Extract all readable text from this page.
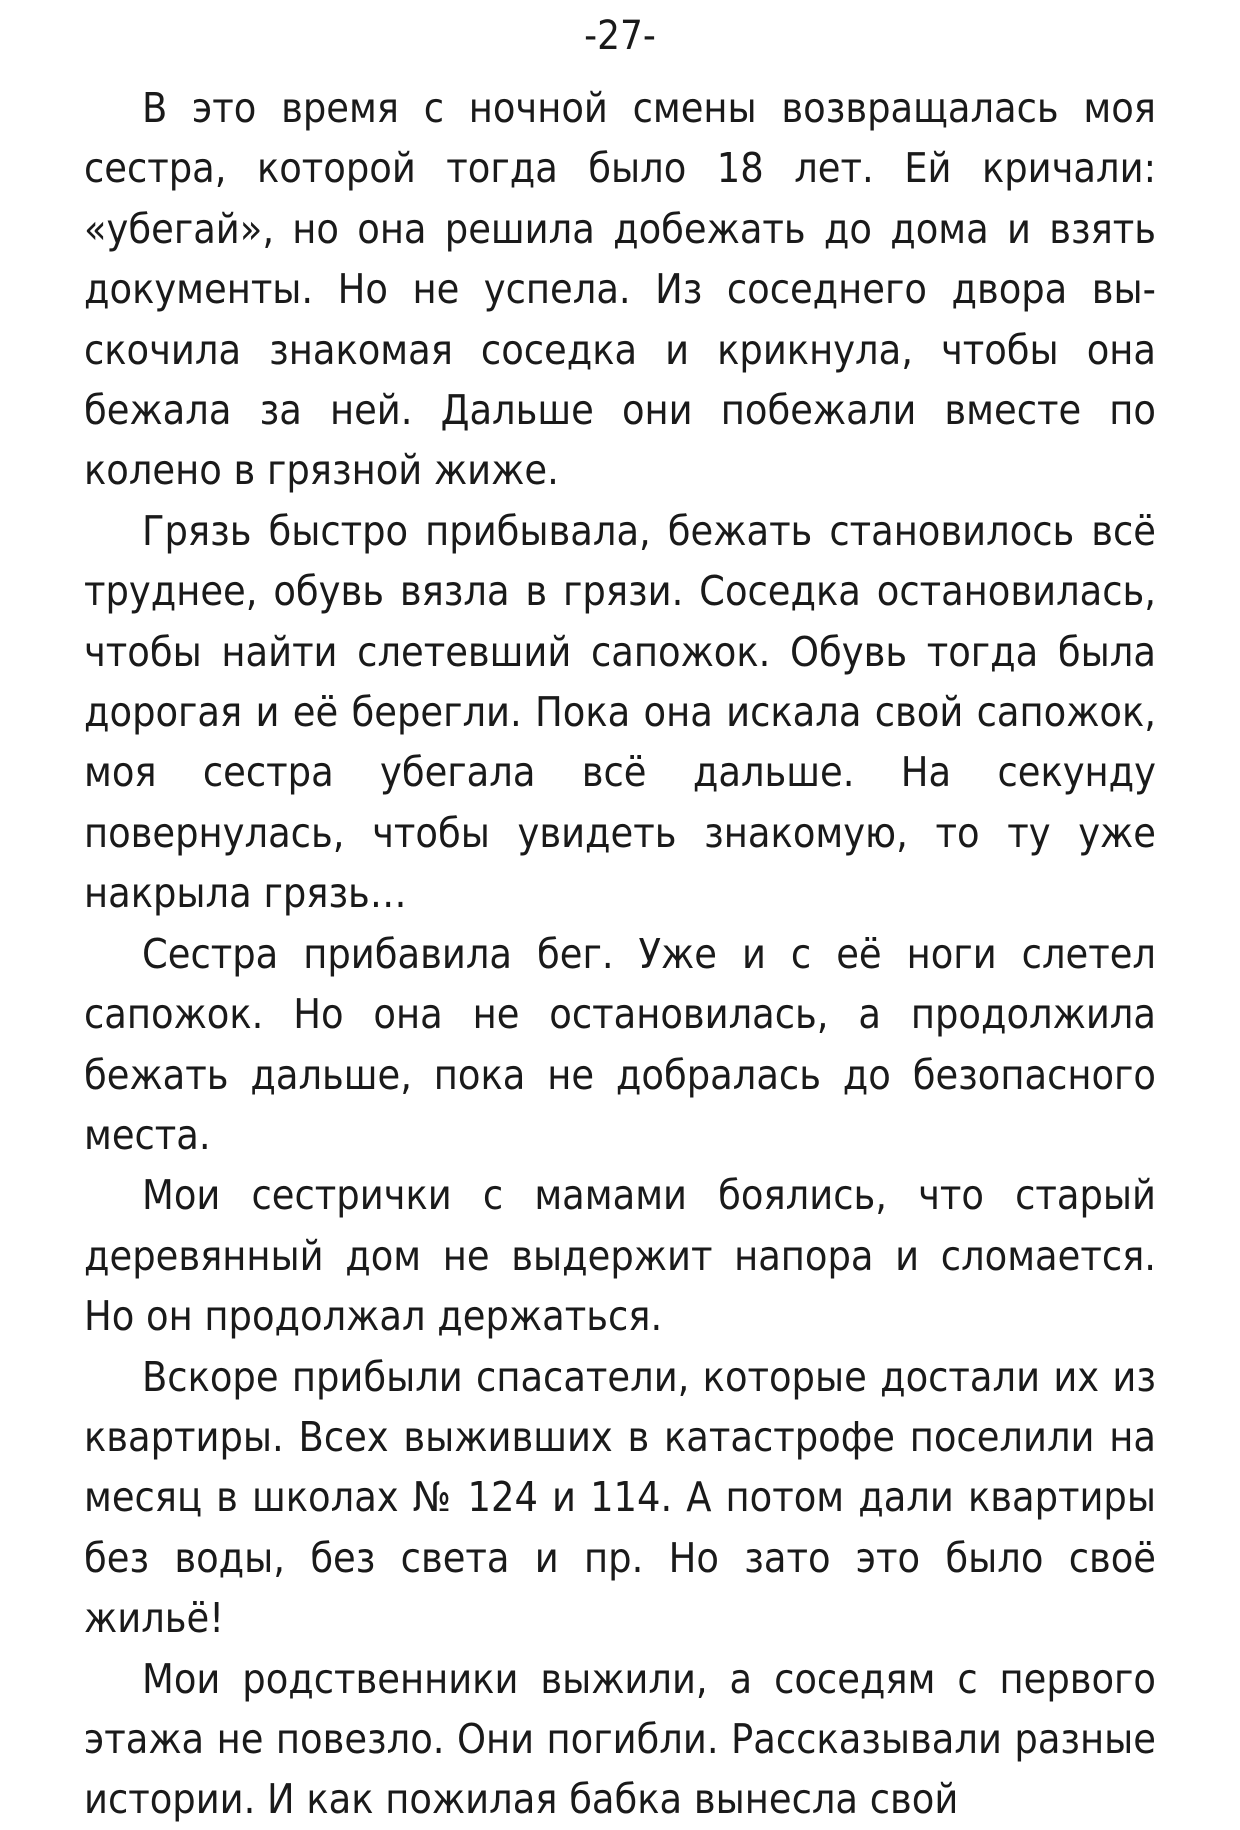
-27-

В это время с ночной смены возвращалась моя сестра, которой тогда было 18 лет. Ей кричали: «убегай», но она решила добежать до дома и взять документы. Но не успела. Из соседнего двора выскочила знакомая соседка и крикнула, чтобы она бежала за ней. Дальше они побежали вместе по колено в грязной жиже.

Грязь быстро прибывала, бежать становилось всё труднее, обувь вязла в грязи. Соседка остановилась, чтобы найти слетевший сапожок. Обувь тогда была дорогая и её берегли. Пока она искала свой сапожок, моя сестра убегала всё дальше. На секунду повернулась, чтобы увидеть знакомую, то ту уже накрыла грязь…

Сестра прибавила бег. Уже и с её ноги слетел сапожок. Но она не остановилась, а продолжила бежать дальше, пока не добралась до безопасного места.

Мои сестрички с мамами боялись, что старый деревянный дом не выдержит напора и сломается. Но он продолжал держаться.

Вскоре прибыли спасатели, которые достали их из квартиры. Всех выживших в катастрофе поселили на месяц в школах № 124 и 114. А потом дали квартиры без воды, без света и пр. Но зато это было своё жильё!

Мои родственники выжили, а соседям с первого этажа не повезло. Они погибли. Рассказывали разные истории. И как пожилая бабка вынесла свой
